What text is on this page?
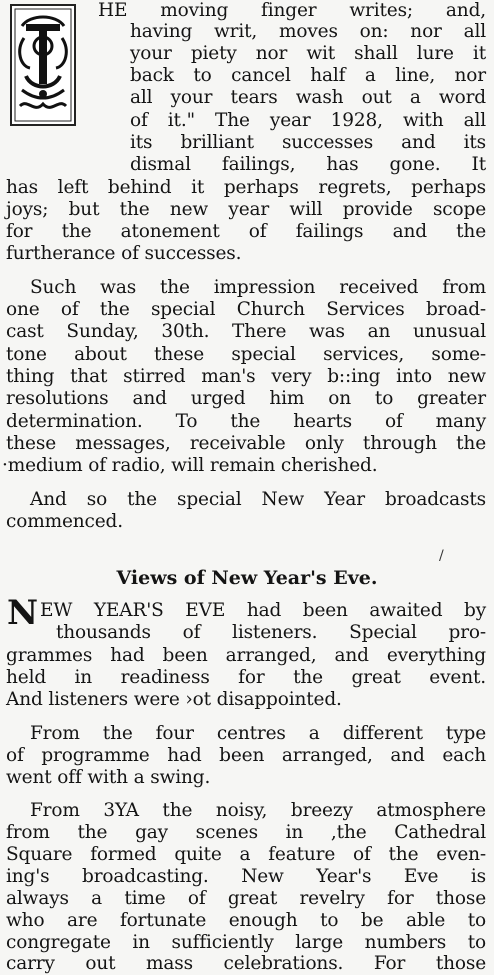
HE moving finger writes; and,
having writ, moves on: nor all
your piety nor wit shall lure it
back to cancel half a line, nor
all your tears wash out a word
of it." The year 1928, with all
its brilliant successes and its
dismal failings, has gone. It
has left behind it perhaps regrets, perhaps
joys; but the new year will provide scope
for the atonement of failings and the
furtherance of successes.
Such was the impression received from
one of the special Church Services broad-
cast Sunday, 30th. There was an unusual
tone about these special services, some-
thing that stirred man's very b::ing into new
resolutions and urged him on to greater
determination. To the hearts of many
these messages, receivable only through the
·medium of radio, will remain cherished.
And so the special New Year broadcasts
commenced.
/
Views of New Year's Eve.
N EW YEAR'S EVE had been awaited by
thousands of listeners. Special pro-
grammes had been arranged, and everything
held in readiness for the great event.
And listeners were ›ot disappointed.
From the four centres a different type
of programme had been arranged, and each
went off with a swing.
From 3YA the noisy, breezy atmosphere
from the gay scenes in ,the Cathedral
Square formed quite a feature of the even-
ing's broadcasting. New Year's Eve is
always a time of great revelry for those
who are fortunate enough to be able to
congregate in sufficiently large numbers to
carry out mass celebrations. For those
